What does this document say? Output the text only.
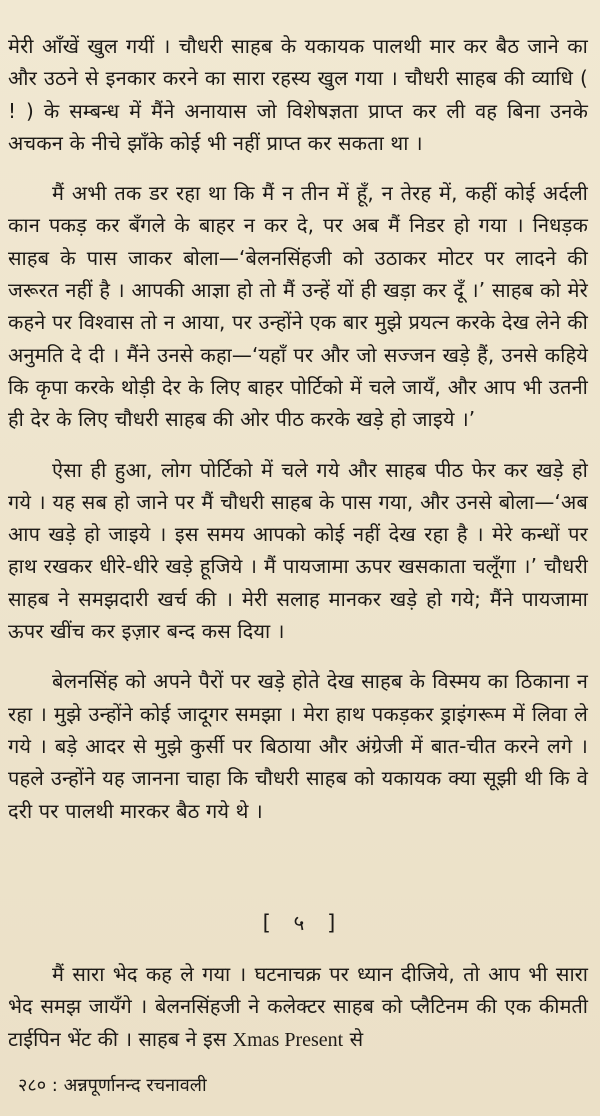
मेरी आँखें खुल गयीं । चौधरी साहब के यकायक पालथी मार कर बैठ जाने का और उठने से इनकार करने का सारा रहस्य खुल गया । चौधरी साहब की व्याधि ( ! ) के सम्बन्ध में मैंने अनायास जो विशेषज्ञता प्राप्त कर ली वह बिना उनके अचकन के नीचे झाँके कोई भी नहीं प्राप्त कर सकता था ।

मैं अभी तक डर रहा था कि मैं न तीन में हूँ, न तेरह में, कहीं कोई अर्दली कान पकड़ कर बँगले के बाहर न कर दे, पर अब मैं निडर हो गया । निधड़क साहब के पास जाकर बोला—‘बेलनसिंहजी को उठाकर मोटर पर लादने की जरूरत नहीं है । आपकी आज्ञा हो तो मैं उन्हें यों ही खड़ा कर दूँ ।’ साहब को मेरे कहने पर विश्वास तो न आया, पर उन्होंने एक बार मुझे प्रयत्न करके देख लेने की अनुमति दे दी । मैंने उनसे कहा—‘यहाँ पर और जो सज्जन खड़े हैं, उनसे कहिये कि कृपा करके थोड़ी देर के लिए बाहर पोर्टिको में चले जायँ, और आप भी उतनी ही देर के लिए चौधरी साहब की ओर पीठ करके खड़े हो जाइये ।’

ऐसा ही हुआ, लोग पोर्टिको में चले गये और साहब पीठ फेर कर खड़े हो गये । यह सब हो जाने पर मैं चौधरी साहब के पास गया, और उनसे बोला—‘अब आप खड़े हो जाइये । इस समय आपको कोई नहीं देख रहा है । मेरे कन्धों पर हाथ रखकर धीरे-धीरे खड़े हूजिये । मैं पायजामा ऊपर खसकाता चलूँगा ।’ चौधरी साहब ने समझदारी खर्च की । मेरी सलाह मानकर खड़े हो गये; मैंने पायजामा ऊपर खींच कर इज़ार बन्द कस दिया ।

बेलनसिंह को अपने पैरों पर खड़े होते देख साहब के विस्मय का ठिकाना न रहा । मुझे उन्होंने कोई जादूगर समझा । मेरा हाथ पकड़कर ड्राइंगरूम में लिवा ले गये । बड़े आदर से मुझे कुर्सी पर बिठाया और अंग्रेजी में बात-चीत करने लगे । पहले उन्होंने यह जानना चाहा कि चौधरी साहब को यकायक क्या सूझी थी कि वे दरी पर पालथी मारकर बैठ गये थे ।

[ ५ ]

मैं सारा भेद कह ले गया । घटनाचक्र पर ध्यान दीजिये, तो आप भी सारा भेद समझ जायँगे । बेलनसिंहजी ने कलेक्टर साहब को प्लैटिनम की एक कीमती टाईपिन भेंट की । साहब ने इस Xmas Present से

२८० : अन्नपूर्णानन्द रचनावली
